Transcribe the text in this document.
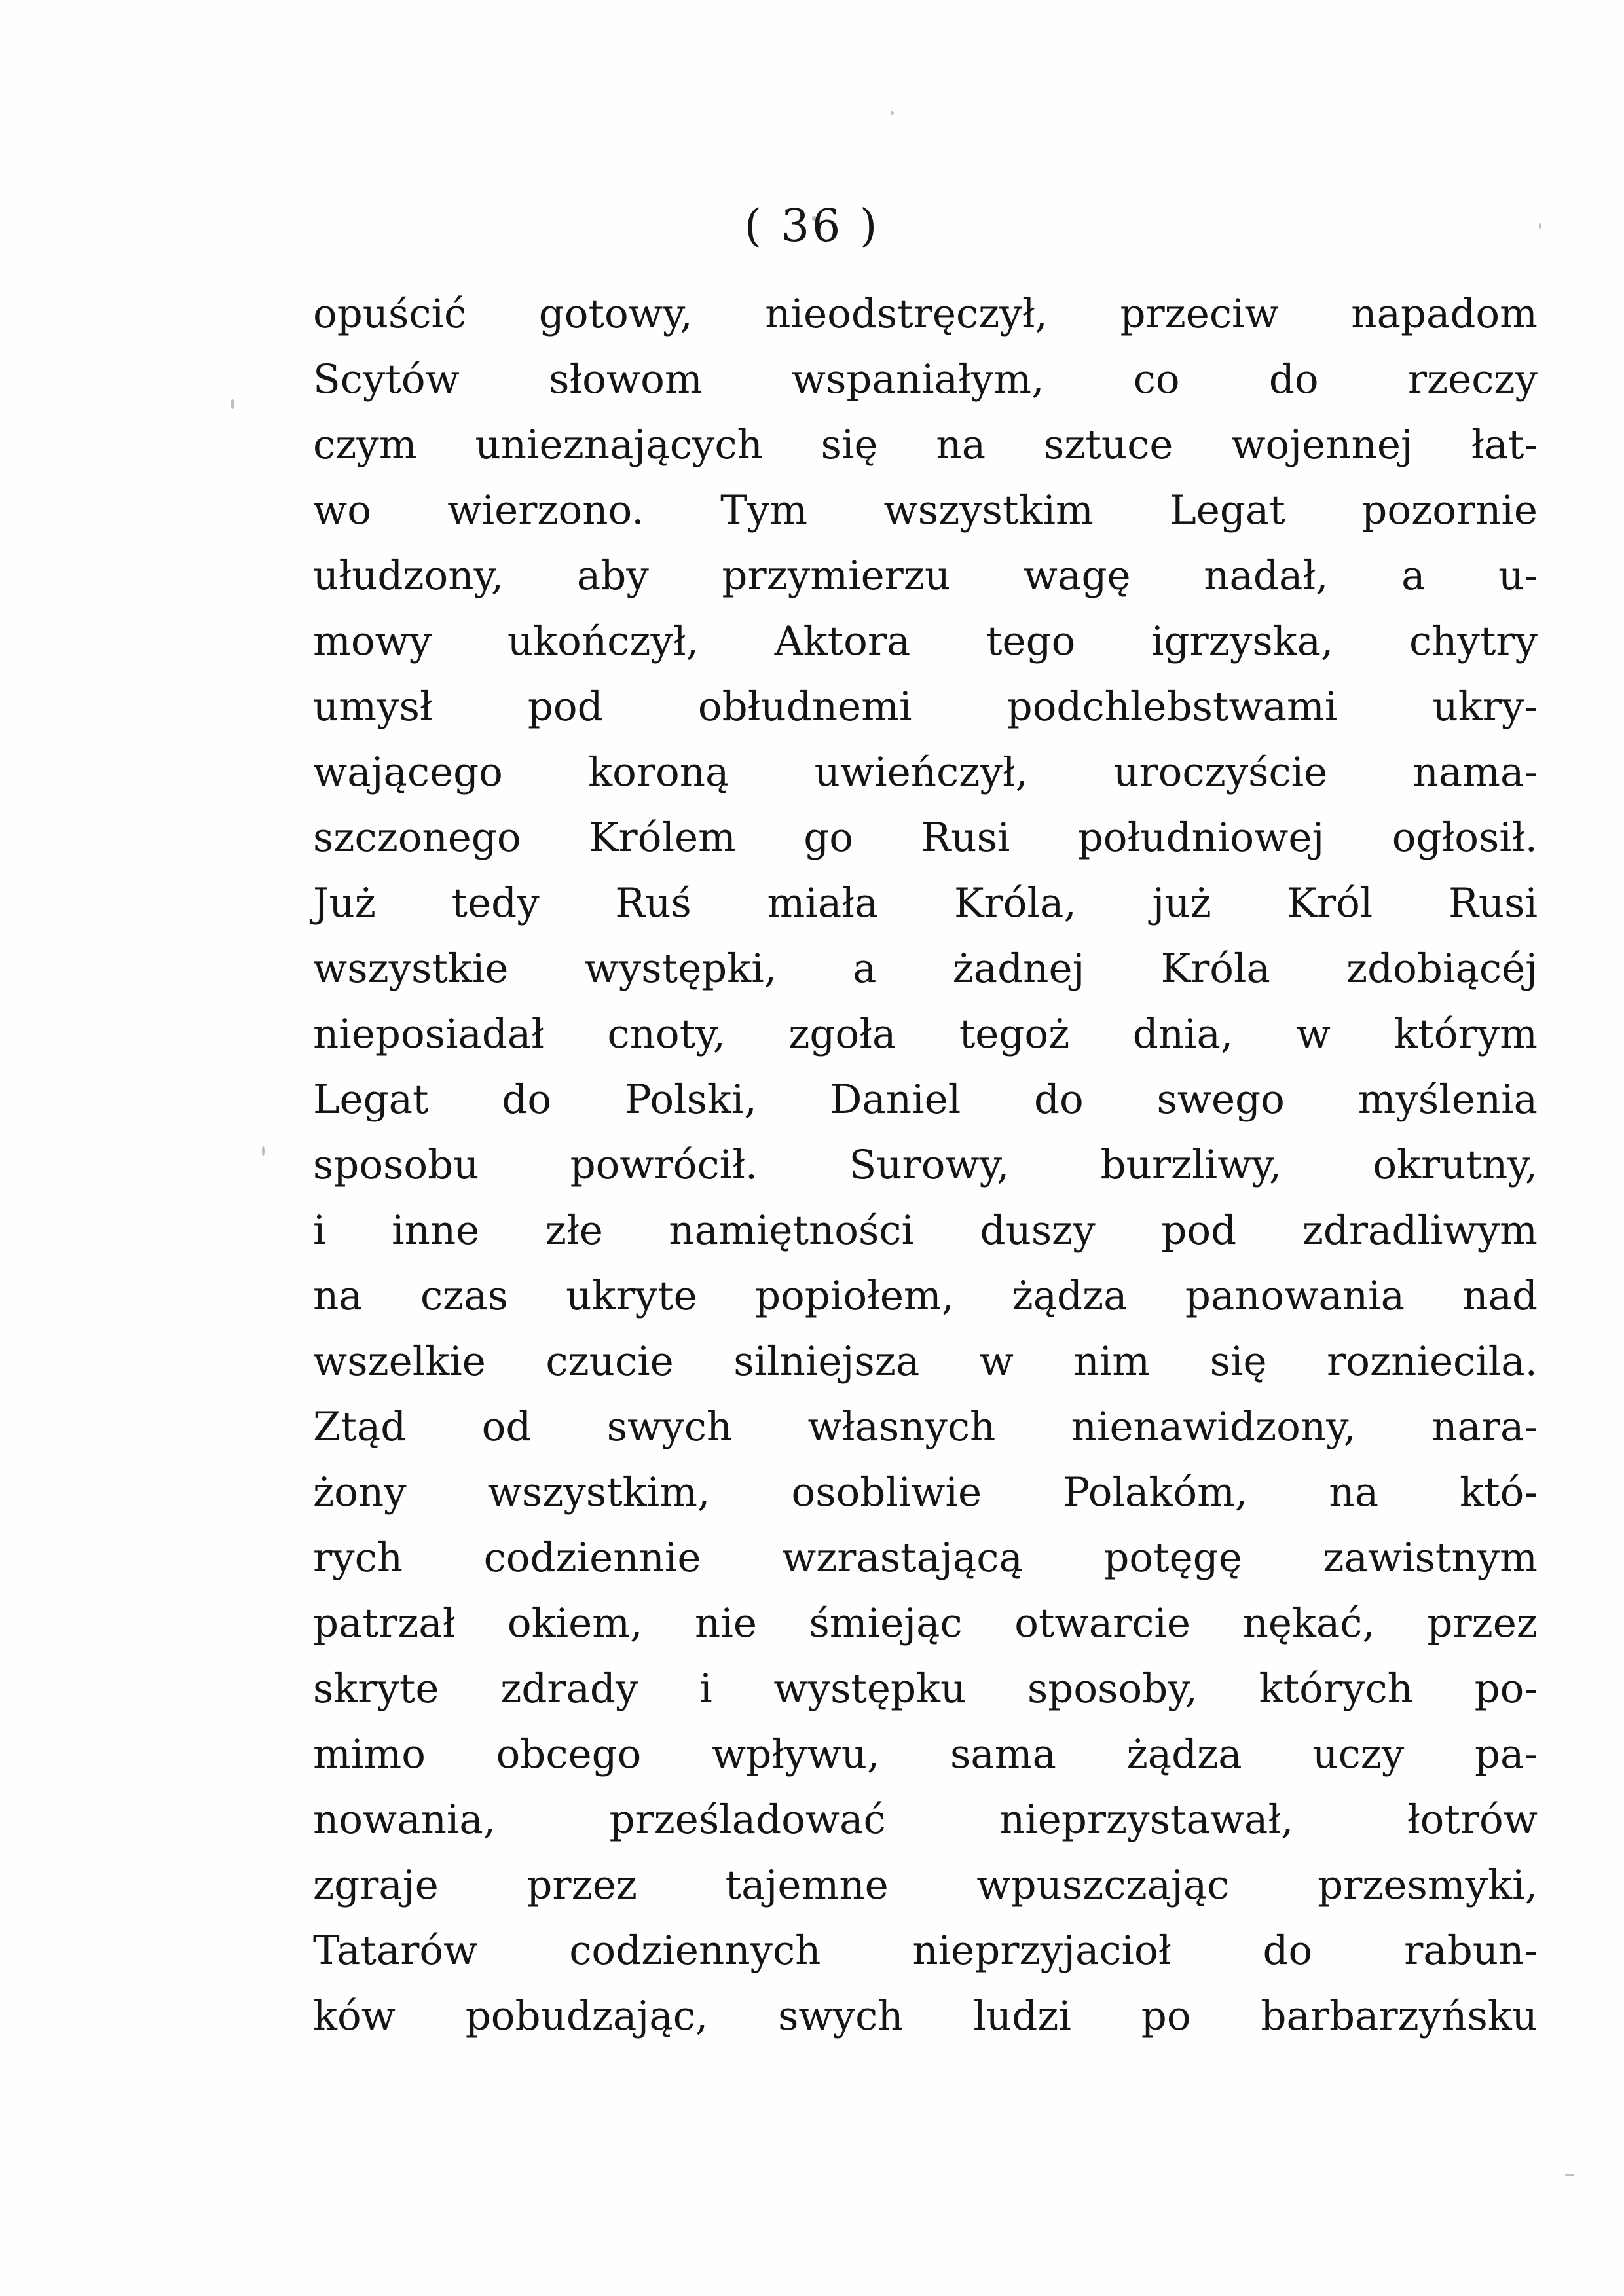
( 36 )
opuścić gotowy, nieodstręczył, przeciw napadom
Scytów słowom wspaniałym, co do rzeczy
czym unieznających się na sztuce wojennej łat-
wo wierzono. Tym wszystkim Legat pozornie
ułudzony, aby przymierzu wagę nadał, a u-
mowy ukończył, Aktora tego igrzyska, chytry
umysł pod obłudnemi podchlebstwami ukry-
wającego koroną uwieńczył, uroczyście nama-
szczonego Królem go Rusi południowej ogłosił.
Już tedy Ruś miała Króla, już Król Rusi
wszystkie występki, a żadnej Króla zdobiącéj
nieposiadał cnoty, zgoła tegoż dnia, w którym
Legat do Polski, Daniel do swego myślenia
sposobu powrócił. Surowy, burzliwy, okrutny,
i inne złe namiętności duszy pod zdradliwym
na czas ukryte popiołem, żądza panowania nad
wszelkie czucie silniejsza w nim się rozniecila.
Ztąd od swych własnych nienawidzony, nara-
żony wszystkim, osobliwie Polakóm, na któ-
rych codziennie wzrastającą potęgę zawistnym
patrzał okiem, nie śmiejąc otwarcie nękać, przez
skryte zdrady i występku sposoby, których po-
mimo obcego wpływu, sama żądza uczy pa-
nowania, prześladować nieprzystawał, łotrów
zgraje przez tajemne wpuszczając przesmyki,
Tatarów codziennych nieprzyjacioł do rabun-
ków pobudzając, swych ludzi po barbarzyńsku
